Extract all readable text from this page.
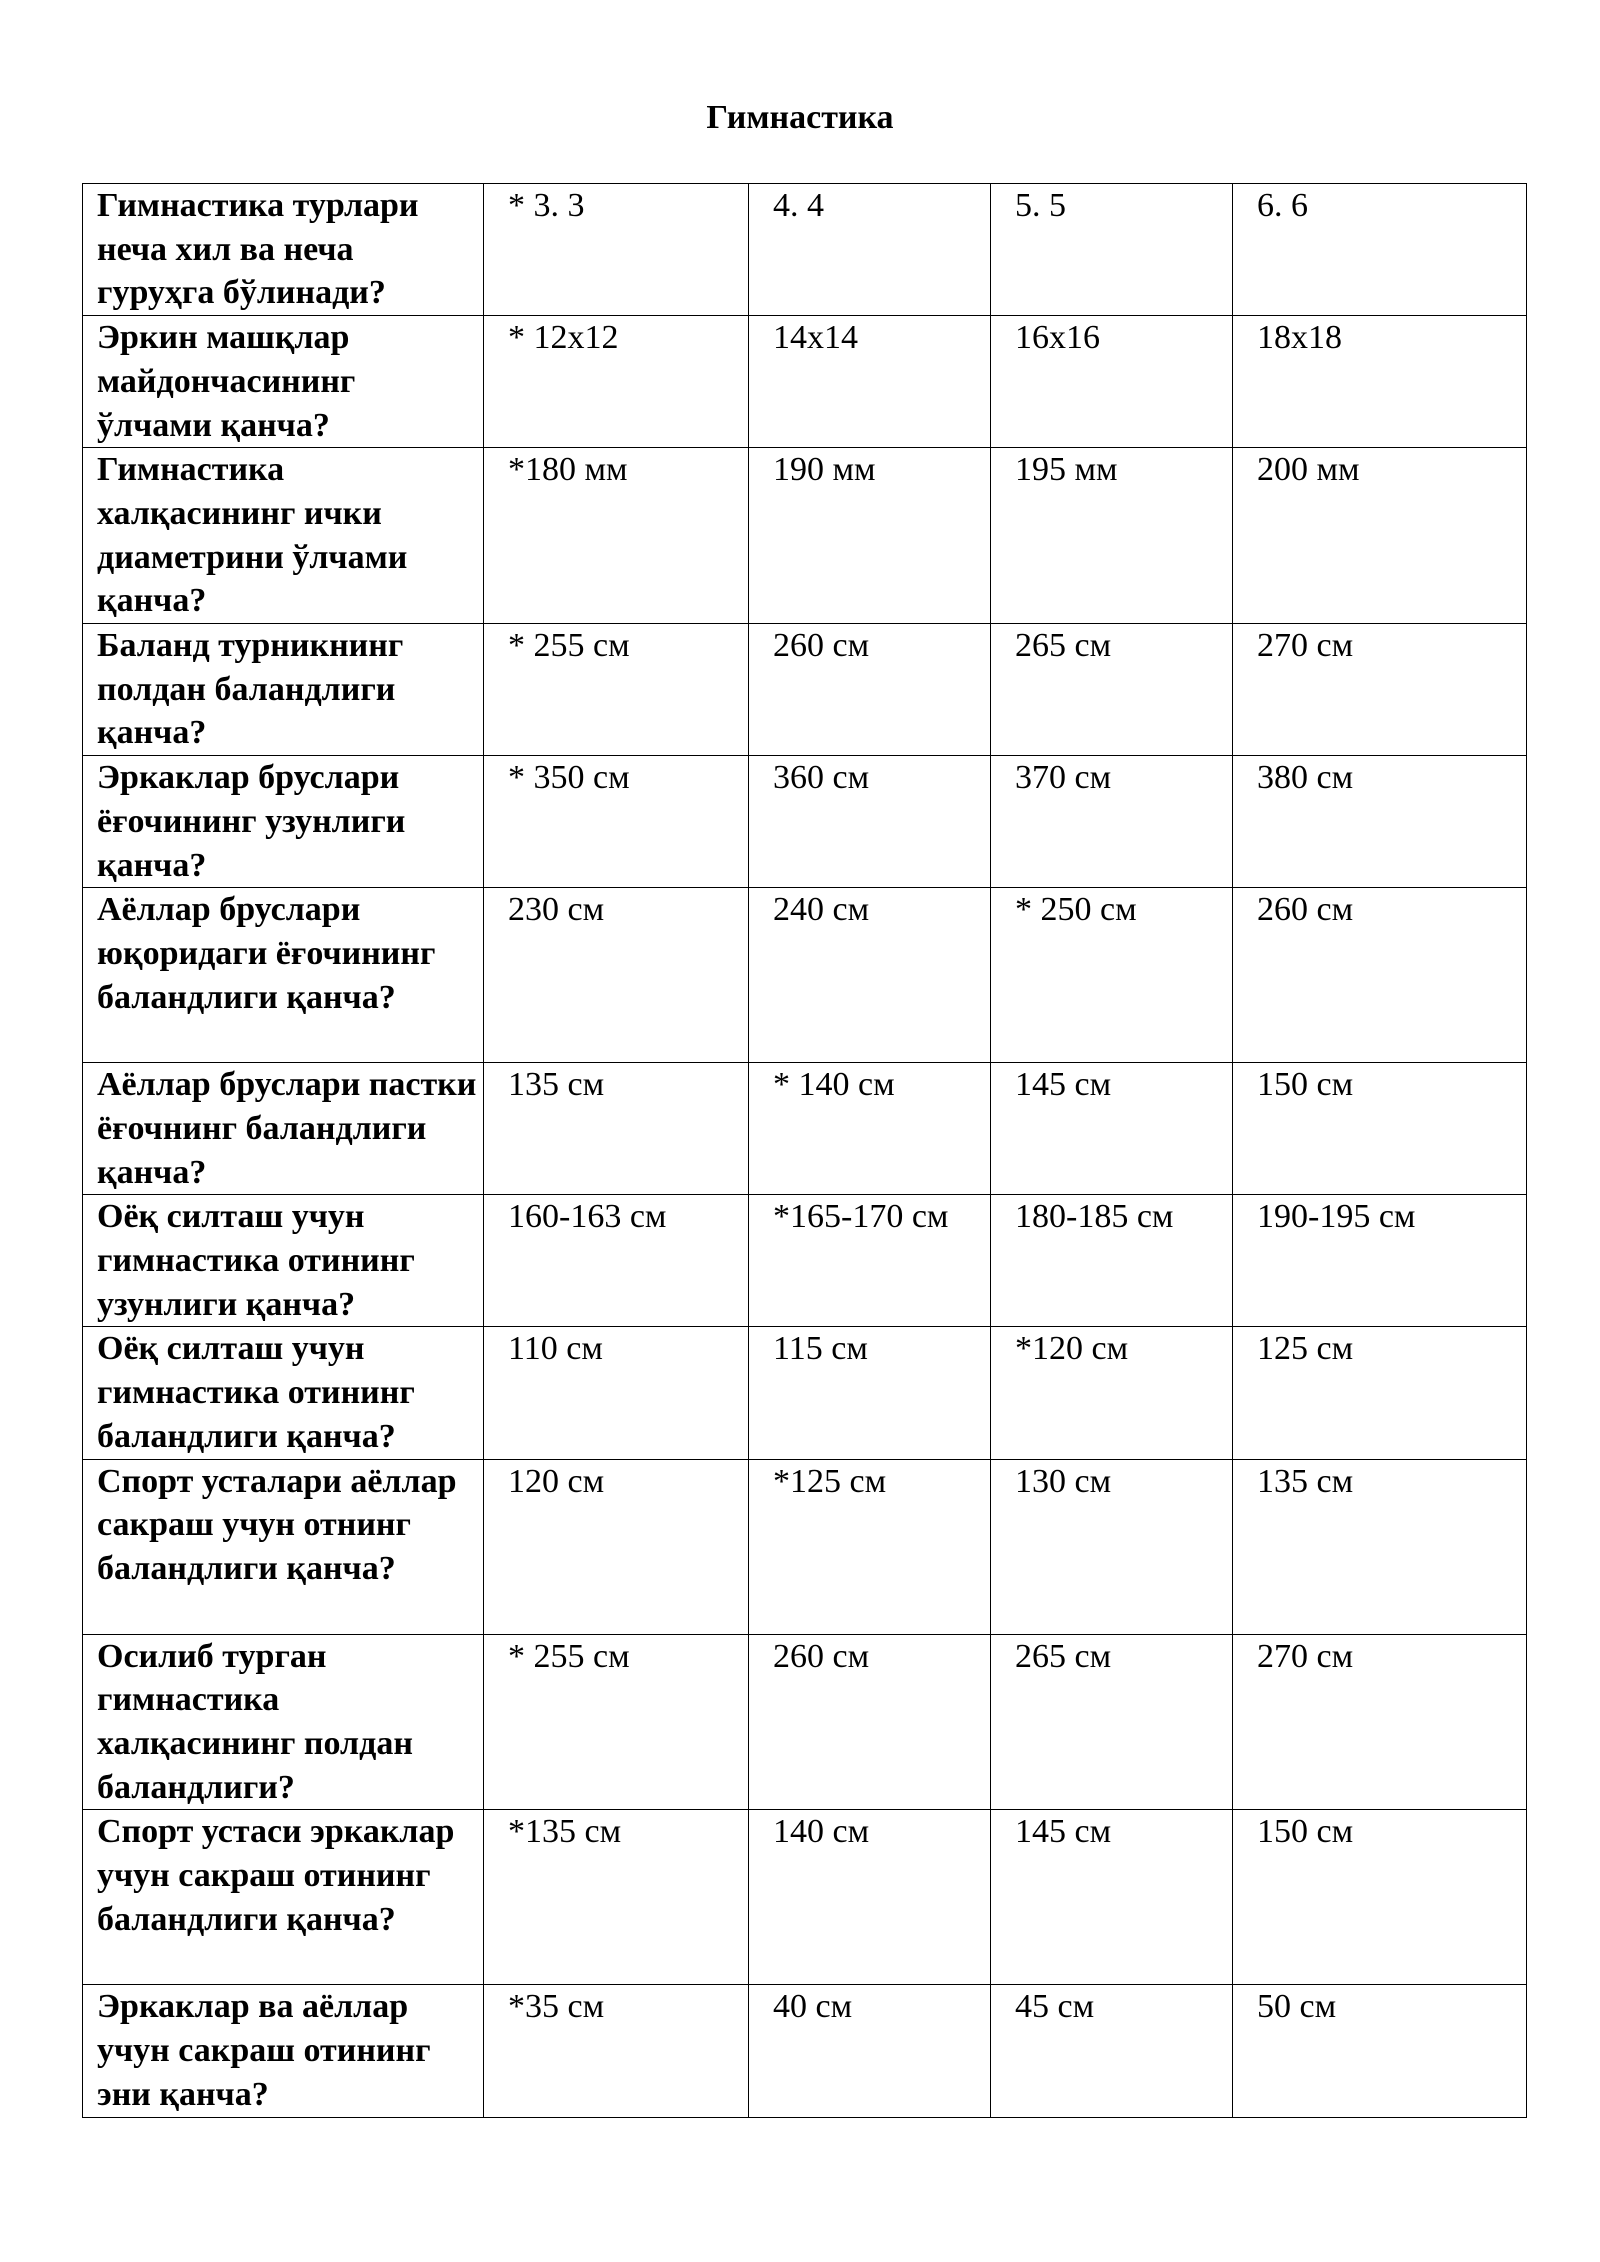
Гимнастика
Гимнастика турлари неча хил ва неча гуруҳга бўлинади?	* 3. 3	4. 4	5. 5	6. 6
Эркин машқлар майдончасининг ўлчами қанча?	* 12х12	14х14	16х16	18х18
Гимнастика халқасининг ички диаметрини ўлчами қанча?	*180 мм	190 мм	195 мм	200 мм
Баланд турникнинг полдан баландлиги қанча?	* 255 см	260 см	265 см	270 см
Эркаклар бруслари ёғочининг узунлиги қанча?	* 350 см	360 см	370 см	380 см
Аёллар бруслари юқоридаги ёғочининг баландлиги қанча?	230 см	240 см	* 250 см	260 см
Аёллар бруслари пастки ёғочнинг баландлиги қанча?	135 см	* 140 см	145 см	150 см
Оёқ силташ учун гимнастика отининг узунлиги қанча?	160-163 см	*165-170 см	180-185 см	190-195 см
Оёқ силташ учун гимнастика отининг баландлиги қанча?	110 см	115 см	*120 см	125 см
Спорт усталари аёллар сакраш учун отнинг баландлиги қанча?	120 см	*125 см	130 см	135 см
Осилиб турган гимнастика халқасининг полдан баландлиги?	* 255 см	260 см	265 см	270 см
Спорт устаси эркаклар учун сакраш отининг баландлиги қанча?	*135 см	140 см	145 см	150 см
Эркаклар ва аёллар учун сакраш отининг эни қанча?	*35 см	40 см	45 см	50 см
